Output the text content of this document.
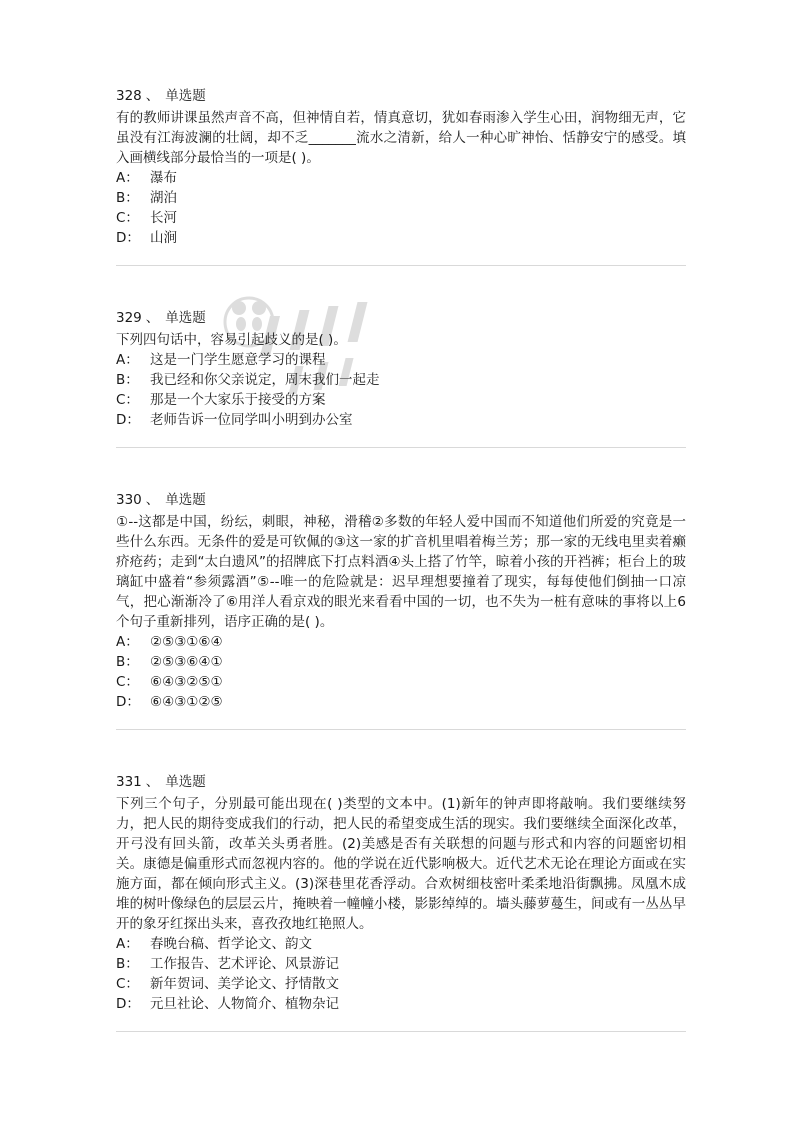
328 、 单选题

有的教师讲课虽然声音不高，但神情自若，情真意切，犹如春雨渗入学生心田，润物细无声，它虽没有江海波澜的壮阔，却不乏_______流水之清新，给人一种心旷神怡、恬静安宁的感受。填入画横线部分最恰当的一项是( )。

A： 瀑布
B： 湖泊
C： 长河
D： 山涧
329 、 单选题

下列四句话中，容易引起歧义的是( )。

A： 这是一门学生愿意学习的课程
B： 我已经和你父亲说定，周末我们一起走
C： 那是一个大家乐于接受的方案
D： 老师告诉一位同学叫小明到办公室
330 、 单选题

①--这都是中国，纷纭，刺眼，神秘，滑稽②多数的年轻人爱中国而不知道他们所爱的究竟是一些什么东西。无条件的爱是可钦佩的③这一家的扩音机里唱着梅兰芳；那一家的无线电里卖着癞疥疮药；走到“太白遗风”的招牌底下打点料酒④头上搭了竹竿，晾着小孩的开裆裤；柜台上的玻璃缸中盛着“参须露酒”⑤--唯一的危险就是：迟早理想要撞着了现实，每每使他们倒抽一口凉气，把心渐渐冷了⑥用洋人看京戏的眼光来看看中国的一切，也不失为一桩有意味的事将以上6个句子重新排列，语序正确的是( )。

A： ②⑤③①⑥④
B： ②⑤③⑥④①
C： ⑥④③②⑤①
D： ⑥④③①②⑤
331 、 单选题

下列三个句子，分别最可能出现在( )类型的文本中。(1)新年的钟声即将敲响。我们要继续努力，把人民的期待变成我们的行动，把人民的希望变成生活的现实。我们要继续全面深化改革，开弓没有回头箭，改革关头勇者胜。(2)美感是否有关联想的问题与形式和内容的问题密切相关。康德是偏重形式而忽视内容的。他的学说在近代影响极大。近代艺术无论在理论方面或在实施方面，都在倾向形式主义。(3)深巷里花香浮动。合欢树细枝密叶柔柔地沿街飘拂。凤凰木成堆的树叶像绿色的层层云片，掩映着一幢幢小楼，影影绰绰的。墙头藤萝蔓生，间或有一丛丛早开的象牙红探出头来，喜孜孜地红艳照人。

A： 春晚台稿、哲学论文、韵文
B： 工作报告、艺术评论、风景游记
C： 新年贺词、美学论文、抒情散文
D： 元旦社论、人物简介、植物杂记
